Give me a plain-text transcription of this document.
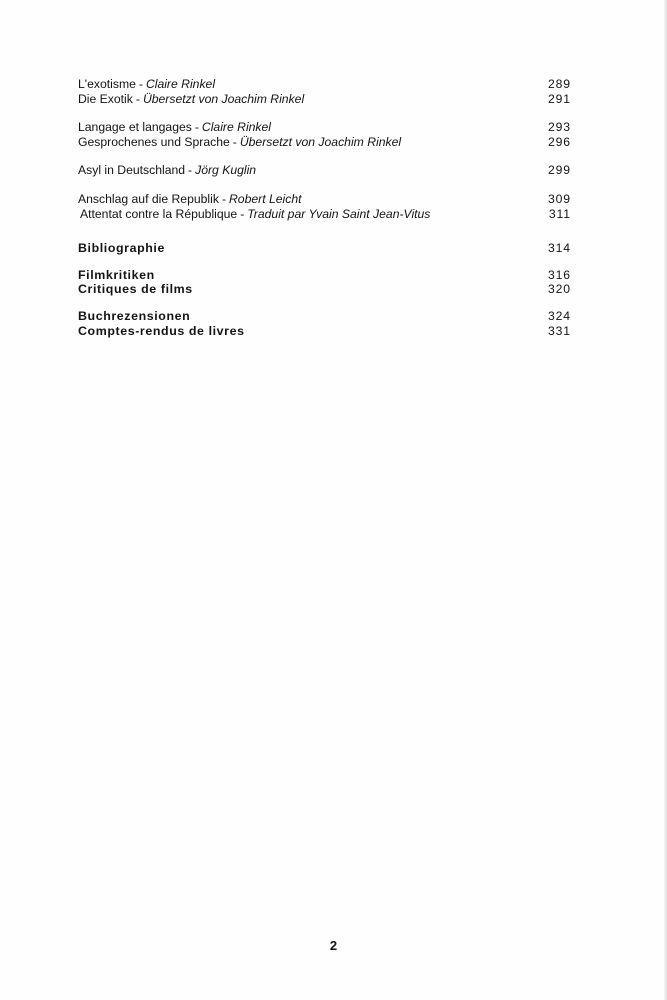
L'exotisme - Claire Rinkel	289
Die Exotik - Übersetzt von Joachim Rinkel	291
Langage et langages - Claire Rinkel	293
Gesprochenes und Sprache - Übersetzt von Joachim Rinkel	296
Asyl in Deutschland - Jörg Kuglin	299
Anschlag auf die Republik - Robert Leicht	309
Attentat contre la République - Traduit par Yvain Saint Jean-Vitus	311
Bibliographie	314
Filmkritiken	316
Critiques de films	320
Buchrezensionen	324
Comptes-rendus de livres	331
2
